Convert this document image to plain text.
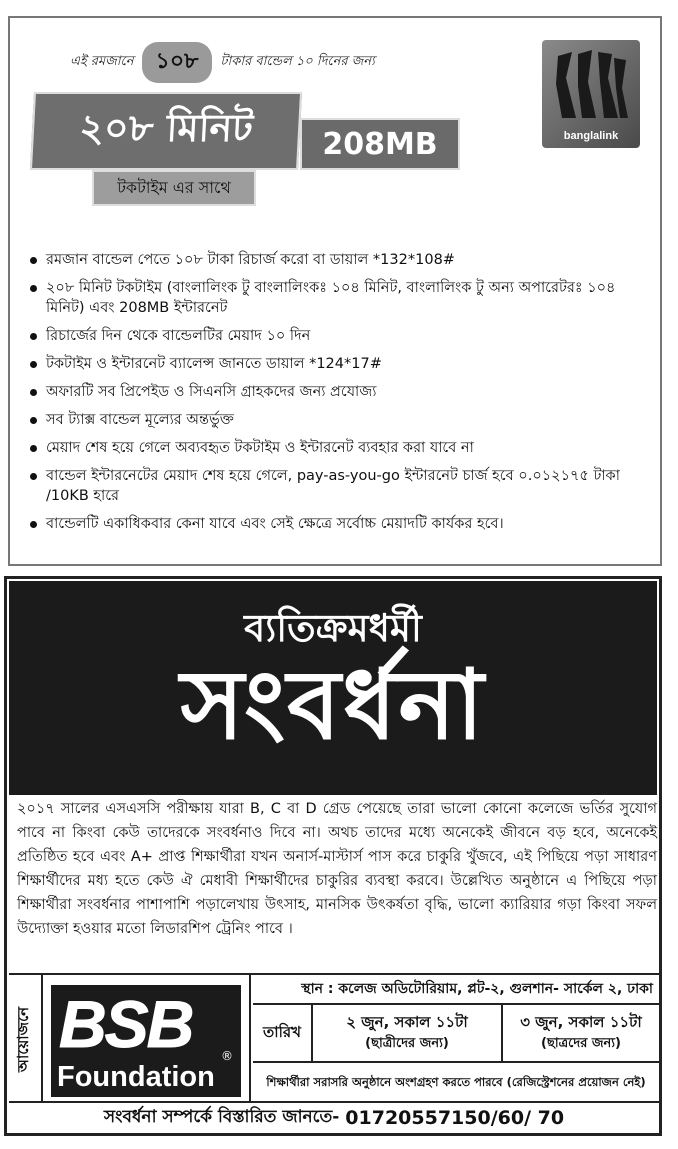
এই রমজানে	১০৮	টাকার বান্ডেল ১০ দিনের জন্য
২০৮ মিনিট	208MB
টকটাইম এর সাথে
banglalink
রমজান বান্ডেল পেতে ১০৮ টাকা রিচার্জ করো বা ডায়াল *132*108#
২০৮ মিনিট টকটাইম (বাংলালিংক টু বাংলালিংকঃ ১০৪ মিনিট, বাংলালিংক টু অন্য অপারেটরঃ ১০৪ মিনিট) এবং 208MB ইন্টারনেট
রিচার্জের দিন থেকে বান্ডেলটির মেয়াদ ১০ দিন
টকটাইম ও ইন্টারনেট ব্যালেন্স জানতে ডায়াল *124*17#
অফারটি সব প্রিপেইড ও সিএনসি গ্রাহকদের জন্য প্রযোজ্য
সব ট্যাক্স বান্ডেল মূল্যের অন্তর্ভুক্ত
মেয়াদ শেষ হয়ে গেলে অব্যবহৃত টকটাইম ও ইন্টারনেট ব্যবহার করা যাবে না
বান্ডেল ইন্টারনেটের মেয়াদ শেষ হয়ে গেলে, pay-as-you-go ইন্টারনেট চার্জ হবে ০.০১২১৭৫ টাকা /10KB হারে
বান্ডেলটি একাধিকবার কেনা যাবে এবং সেই ক্ষেত্রে সর্বোচ্চ মেয়াদটি কার্যকর হবে।
ব্যতিক্রমধর্মী
সংবর্ধনা
২০১৭ সালের এসএসসি পরীক্ষায় যারা B, C বা D গ্রেড পেয়েছে তারা ভালো কোনো কলেজে ভর্তির সুযোগ পাবে না কিংবা কেউ তাদেরকে সংবর্ধনাও দিবে না। অথচ তাদের মধ্যে অনেকেই জীবনে বড় হবে, অনেকেই প্রতিষ্ঠিত হবে এবং A+ প্রাপ্ত শিক্ষার্থীরা যখন অনার্স-মাস্টার্স পাস করে চাকুরি খুঁজবে, এই পিছিয়ে পড়া সাধারণ শিক্ষার্থীদের মধ্য হতে কেউ ঐ মেধাবী শিক্ষার্থীদের চাকুরির ব্যবস্থা করবে। উল্লেখিত অনুষ্ঠানে এ পিছিয়ে পড়া শিক্ষার্থীরা সংবর্ধনার পাশাপাশি পড়ালেখায় উৎসাহ, মানসিক উৎকর্ষতা বৃদ্ধি, ভালো ক্যারিয়ার গড়া কিংবা সফল উদ্যোক্তা হওয়ার মতো লিডারশিপ ট্রেনিং পাবে ।
আয়োজনে BSB ®
Foundation
স্থান : কলেজ অডিটোরিয়াম, প্লট-২, গুলশান- সার্কেল ২, ঢাকা
তারিখ
২ জুন, সকাল ১১টা
(ছাত্রীদের জন্য)
৩ জুন, সকাল ১১টা
(ছাত্রদের জন্য)
শিক্ষার্থীরা সরাসরি অনুষ্ঠানে অংশগ্রহণ করতে পারবে (রেজিস্ট্রেশনের প্রয়োজন নেই)
সংবর্ধনা সম্পর্কে বিস্তারিত জানতে- 01720557150/60/ 70
